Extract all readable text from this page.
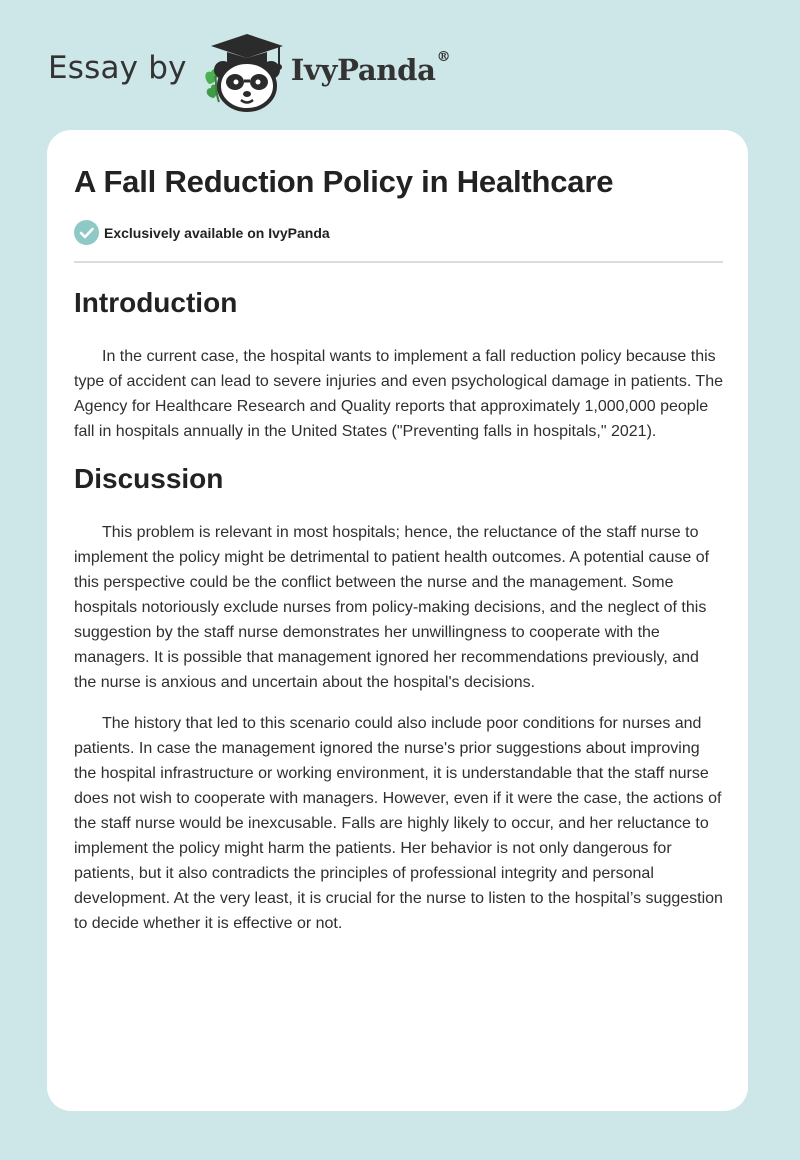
Essay by	IvyPanda®
A Fall Reduction Policy in Healthcare
Exclusively available on IvyPanda
Introduction

In the current case, the hospital wants to implement a fall reduction policy because this type of accident can lead to severe injuries and even psychological damage in patients. The Agency for Healthcare Research and Quality reports that approximately 1,000,000 people fall in hospitals annually in the United States ("Preventing falls in hospitals," 2021).

Discussion

This problem is relevant in most hospitals; hence, the reluctance of the staff nurse to implement the policy might be detrimental to patient health outcomes. A potential cause of this perspective could be the conflict between the nurse and the management. Some hospitals notoriously exclude nurses from policy-making decisions, and the neglect of this suggestion by the staff nurse demonstrates her unwillingness to cooperate with the managers. It is possible that management ignored her recommendations previously, and the nurse is anxious and uncertain about the hospital's decisions.

The history that led to this scenario could also include poor conditions for nurses and patients. In case the management ignored the nurse's prior suggestions about improving the hospital infrastructure or working environment, it is understandable that the staff nurse does not wish to cooperate with managers. However, even if it were the case, the actions of the staff nurse would be inexcusable. Falls are highly likely to occur, and her reluctance to implement the policy might harm the patients. Her behavior is not only dangerous for patients, but it also contradicts the principles of professional integrity and personal development. At the very least, it is crucial for the nurse to listen to the hospital’s suggestion to decide whether it is effective or not.
